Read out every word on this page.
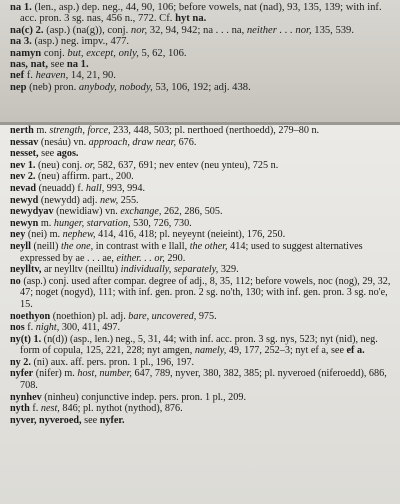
na 1. (len., asp.) dep. neg., 44, 90, 106; before vowels, nat (nad), 93, 135, 139; with inf. acc. pron. 3 sg. nas, 456 n., 772. Cf. hyt na.
na(c) 2. (asp.) (na(g)), conj. nor, 32, 94, 942; na . . . na, neither . . . nor, 135, 539.
na 3. (asp.) neg. impv., 477.
namyn conj. but, except, only, 5, 62, 106.
nas, nat, see na 1.
nef f. heaven, 14, 21, 90.
nep (neb) pron. anybody, nobody, 53, 106, 192; adj. 438.
nerth m. strength, force, 233, 448, 503; pl. nerthoed (nerthoedd), 279–80 n.
nessav (nesáu) vn. approach, draw near, 676.
nesset, see agos.
nev 1. (neu) conj. or, 582, 637, 691; nev entev (neu ynteu), 725 n.
nev 2. (neu) affirm. part., 200.
nevad (neuadd) f. hall, 993, 994.
newyd (newydd) adj. new, 255.
newydyav (newidiaw) vn. exchange, 262, 286, 505.
newyn m. hunger, starvation, 530, 726, 730.
ney (nei) m. nephew, 414, 416, 418; pl. neyeynt (neieint), 176, 250.
neyll (neill) the one, in contrast with e llall, the other, 414; used to suggest alternatives expressed by ae . . . ae, either. . . or, 290.
neylltv, ar neylltv (neilltu) individually, separately, 329.
no (asp.) conj. used after compar. degree of adj., 8, 35, 112; before vowels, noc (nog), 29, 32, 47; noget (nogyd), 111; with inf. gen. pron. 2 sg. no'th, 130; with inf. gen. pron. 3 sg. no'e, 15.
noethyon (noethion) pl. adj. bare, uncovered, 975.
nos f. night, 300, 411, 497.
ny(t) 1. (n(d)) (asp., len.) neg., 5, 31, 44; with inf. acc. pron. 3 sg. nys, 523; nyt (nid), neg. form of copula, 125, 221, 228; nyt amgen, namely, 49, 177, 252–3; nyt ef a, see ef a.
ny 2. (ni) aux. aff. pers. pron. 1 pl., 196, 197.
nyfer (nifer) m. host, number, 647, 789, nyver, 380, 382, 385; pl. nyveroed (niferoedd), 686, 708.
nynhev (ninheu) conjunctive indep. pers. pron. 1 pl., 209.
nyth f. nest, 846; pl. nythot (nythod), 876.
nyver, nyveroed, see nyfer.
